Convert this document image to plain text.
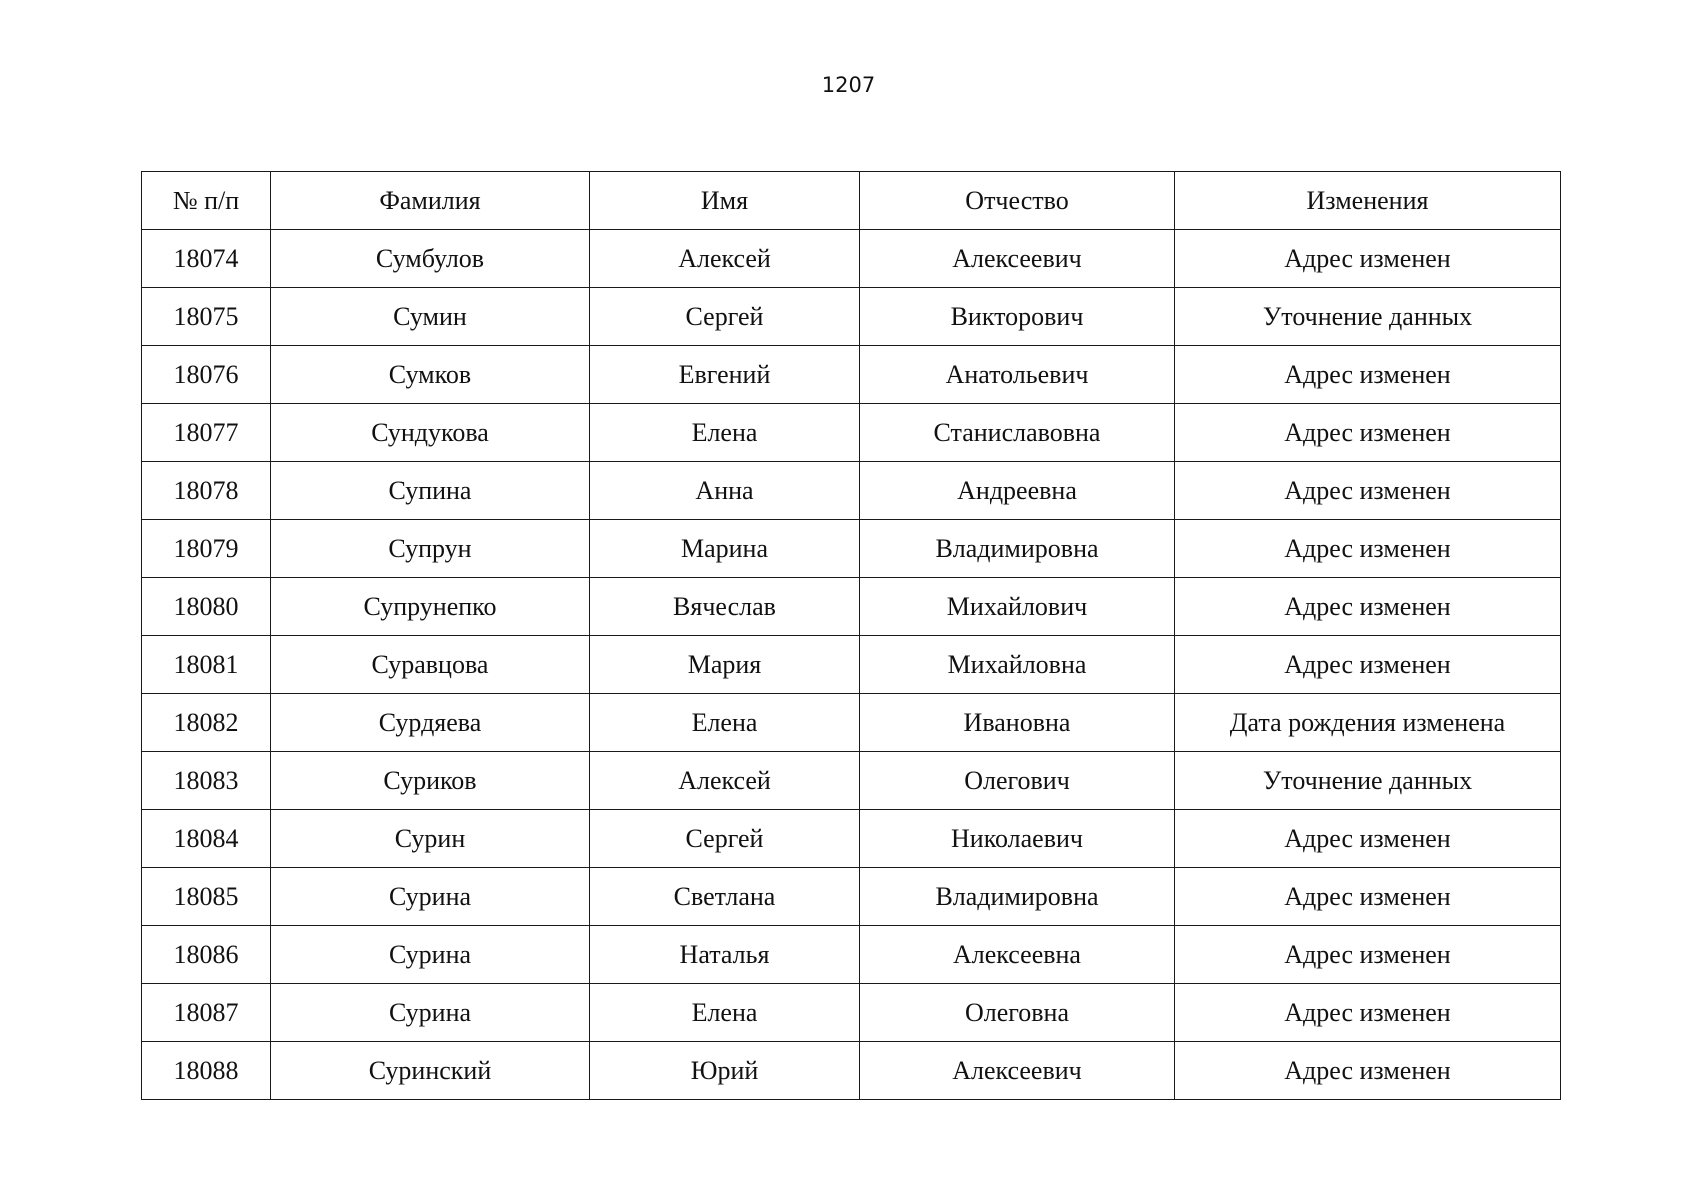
1207
№ п/п	Фамилия	Имя	Отчество	Изменения
18074	Сумбулов	Алексей	Алексеевич	Адрес изменен
18075	Сумин	Сергей	Викторович	Уточнение данных
18076	Сумков	Евгений	Анатольевич	Адрес изменен
18077	Сундукова	Елена	Станиславовна	Адрес изменен
18078	Супина	Анна	Андреевна	Адрес изменен
18079	Супрун	Марина	Владимировна	Адрес изменен
18080	Супрунепко	Вячеслав	Михайлович	Адрес изменен
18081	Суравцова	Мария	Михайловна	Адрес изменен
18082	Сурдяева	Елена	Ивановна	Дата рождения изменена
18083	Суриков	Алексей	Олегович	Уточнение данных
18084	Сурин	Сергей	Николаевич	Адрес изменен
18085	Сурина	Светлана	Владимировна	Адрес изменен
18086	Сурина	Наталья	Алексеевна	Адрес изменен
18087	Сурина	Елена	Олеговна	Адрес изменен
18088	Суринский	Юрий	Алексеевич	Адрес изменен
